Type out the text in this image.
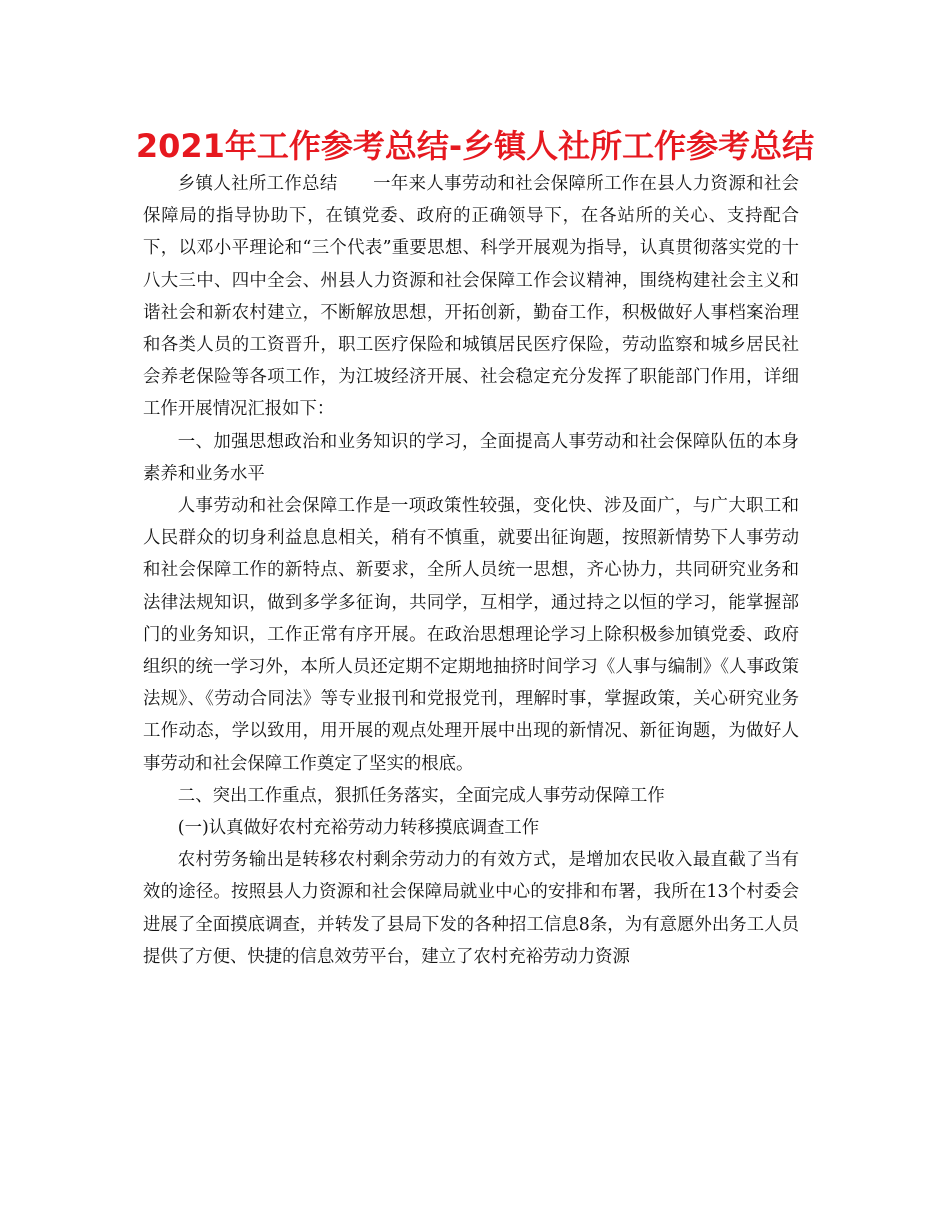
2021年工作参考总结-乡镇人社所工作参考总结

乡镇人社所工作总结　　一年来人事劳动和社会保障所工作在县人力资源和社会保障局的指导协助下，在镇党委、政府的正确领导下，在各站所的关心、支持配合下，以邓小平理论和“三个代表”重要思想、科学开展观为指导，认真贯彻落实党的十八大三中、四中全会、州县人力资源和社会保障工作会议精神，围绕构建社会主义和谐社会和新农村建立，不断解放思想，开拓创新，勤奋工作，积极做好人事档案治理和各类人员的工资晋升，职工医疗保险和城镇居民医疗保险，劳动监察和城乡居民社会养老保险等各项工作，为江坡经济开展、社会稳定充分发挥了职能部门作用，详细工作开展情况汇报如下：

一、加强思想政治和业务知识的学习，全面提高人事劳动和社会保障队伍的本身素养和业务水平

人事劳动和社会保障工作是一项政策性较强，变化快、涉及面广，与广大职工和人民群众的切身利益息息相关，稍有不慎重，就要出征询题，按照新情势下人事劳动和社会保障工作的新特点、新要求，全所人员统一思想，齐心协力，共同研究业务和法律法规知识，做到多学多征询，共同学，互相学，通过持之以恒的学习，能掌握部门的业务知识，工作正常有序开展。在政治思想理论学习上除积极参加镇党委、政府组织的统一学习外，本所人员还定期不定期地抽挤时间学习《人事与编制》《人事政策法规》、《劳动合同法》等专业报刊和党报党刊，理解时事，掌握政策，关心研究业务工作动态，学以致用，用开展的观点处理开展中出现的新情况、新征询题，为做好人事劳动和社会保障工作奠定了坚实的根底。

二、突出工作重点，狠抓任务落实，全面完成人事劳动保障工作

(一)认真做好农村充裕劳动力转移摸底调查工作

农村劳务输出是转移农村剩余劳动力的有效方式，是增加农民收入最直截了当有效的途径。按照县人力资源和社会保障局就业中心的安排和布署，我所在13个村委会进展了全面摸底调查，并转发了县局下发的各种招工信息8条，为有意愿外出务工人员提供了方便、快捷的信息效劳平台，建立了农村充裕劳动力资源
